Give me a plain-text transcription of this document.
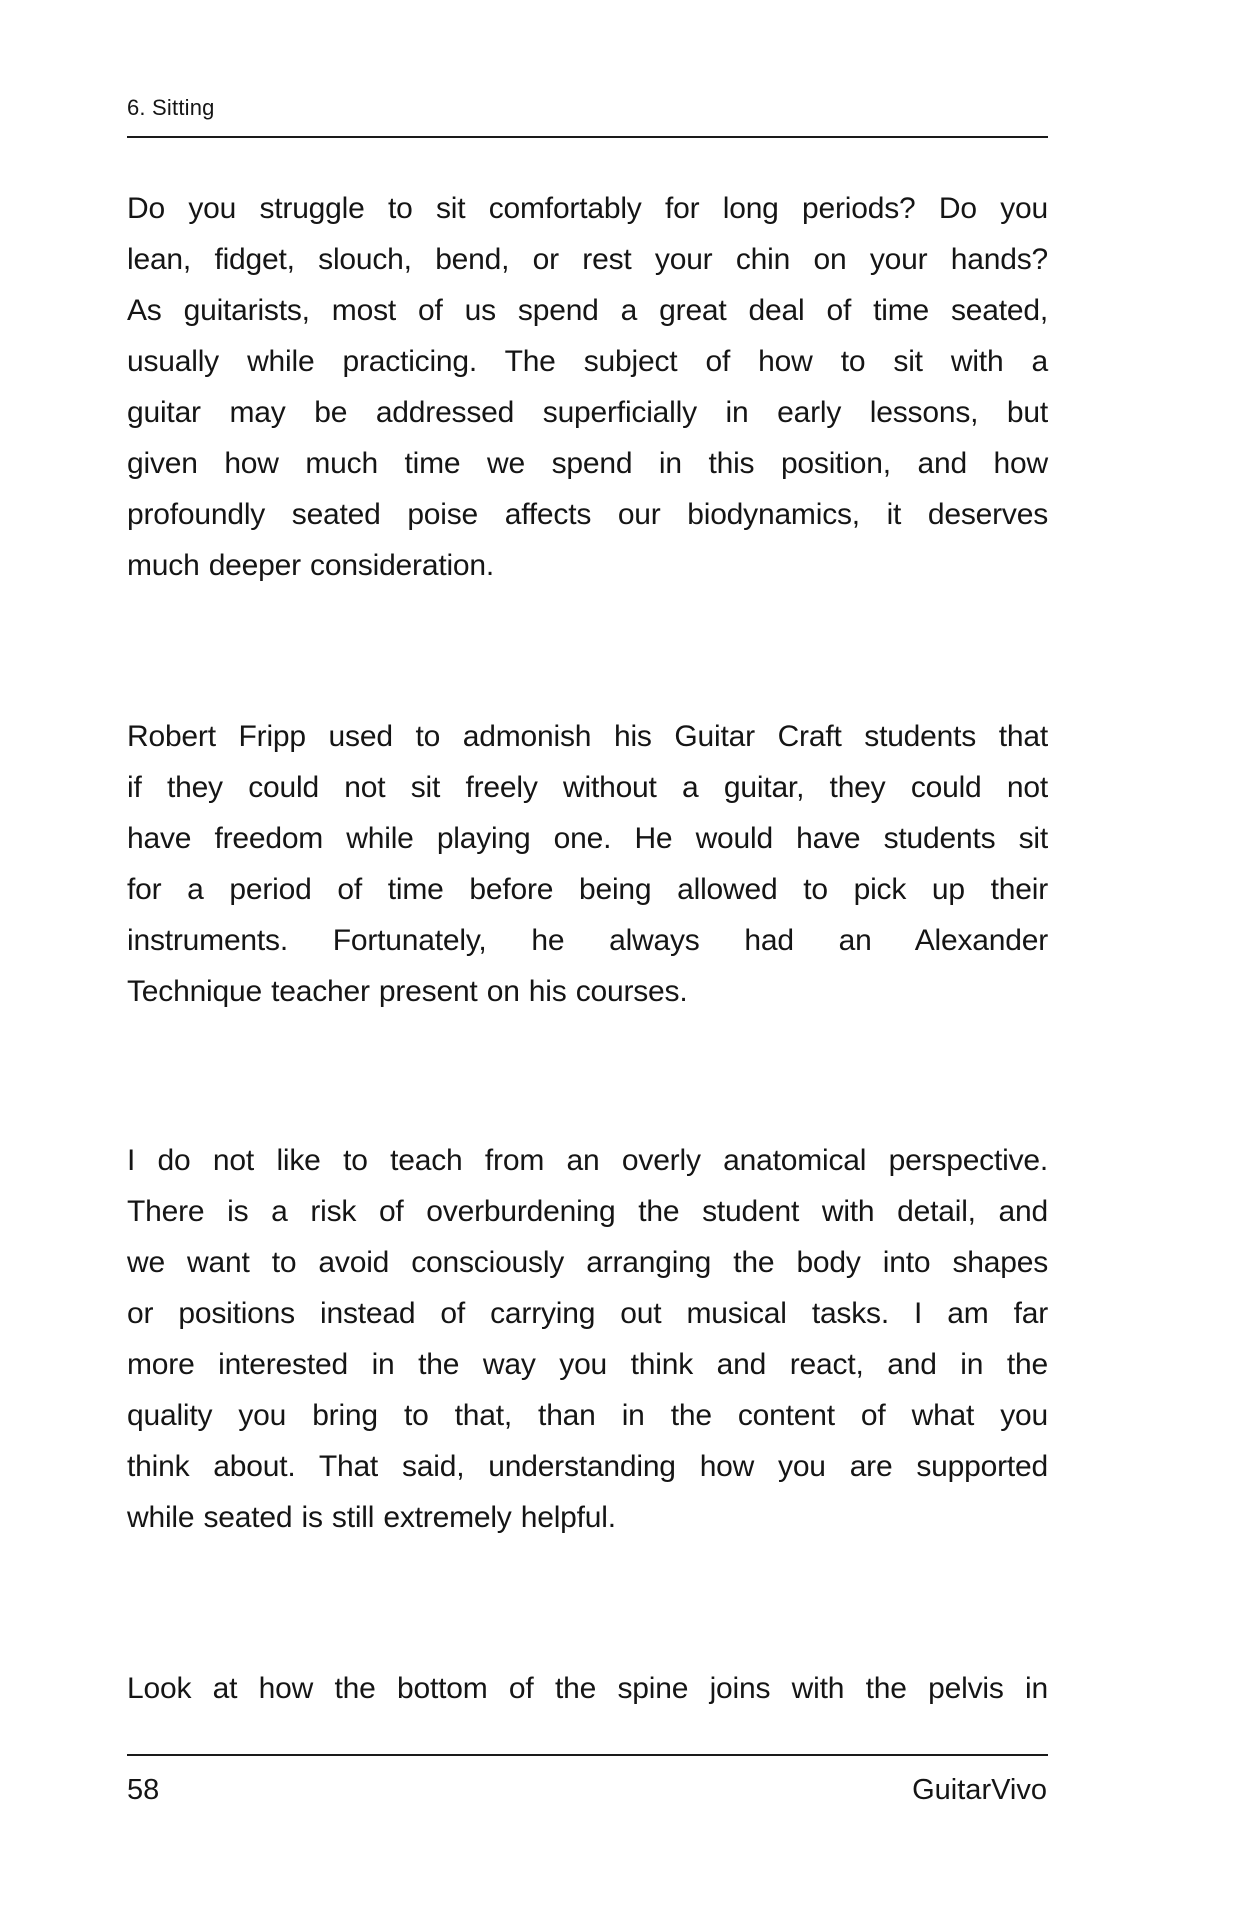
6. Sitting
Do you struggle to sit comfortably for long periods? Do you
lean, fidget, slouch, bend, or rest your chin on your hands?
As guitarists, most of us spend a great deal of time seated,
usually while practicing. The subject of how to sit with a
guitar may be addressed superficially in early lessons, but
given how much time we spend in this position, and how
profoundly seated poise affects our biodynamics, it deserves
much deeper consideration.
Robert Fripp used to admonish his Guitar Craft students that
if they could not sit freely without a guitar, they could not
have freedom while playing one. He would have students sit
for a period of time before being allowed to pick up their
instruments. Fortunately, he always had an Alexander
Technique teacher present on his courses.
I do not like to teach from an overly anatomical perspective.
There is a risk of overburdening the student with detail, and
we want to avoid consciously arranging the body into shapes
or positions instead of carrying out musical tasks. I am far
more interested in the way you think and react, and in the
quality you bring to that, than in the content of what you
think about. That said, understanding how you are supported
while seated is still extremely helpful.
Look at how the bottom of the spine joins with the pelvis in
58	GuitarVivo
